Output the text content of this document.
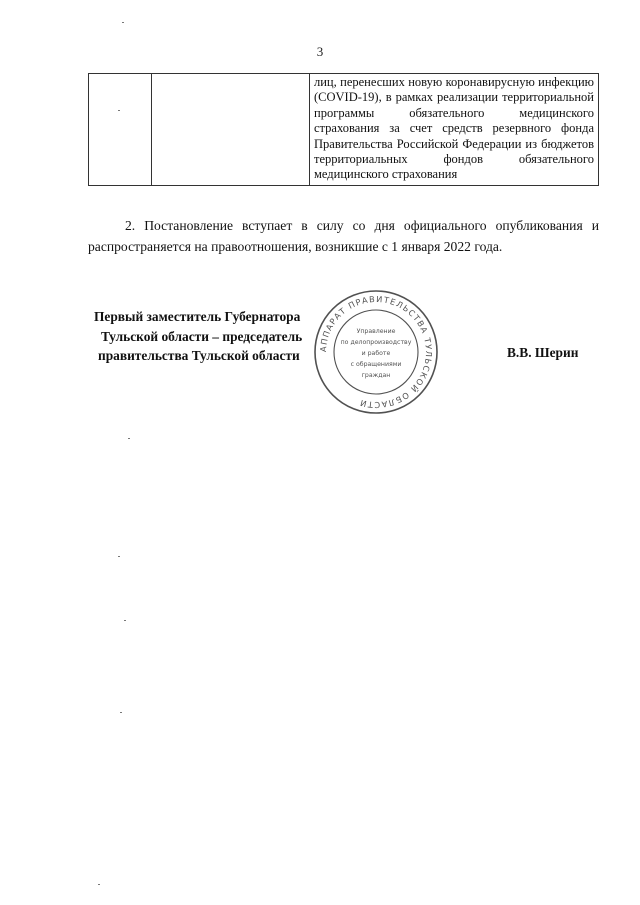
3
		лиц, перенесших новую коронавирусную инфекцию (COVID-19), в рамках реализации территориальной программы обязательного медицинского страхования за счет средств резервного фонда Правительства Российской Федерации из бюджетов территориальных фондов обязательного медицинского страхования
2. Постановление вступает в силу со дня официального опубликования и распространяется на правоотношения, возникшие с 1 января 2022 года.
Первый заместитель Губернатора
Тульской области – председатель
правительства Тульской области	В.В. Шерин
АППАРАТ ПРАВИТЕЛЬСТВА ТУЛЬСКОЙ ОБЛАСТИ
Управление
по делопроизводству
и работе
с обращениями
граждан
